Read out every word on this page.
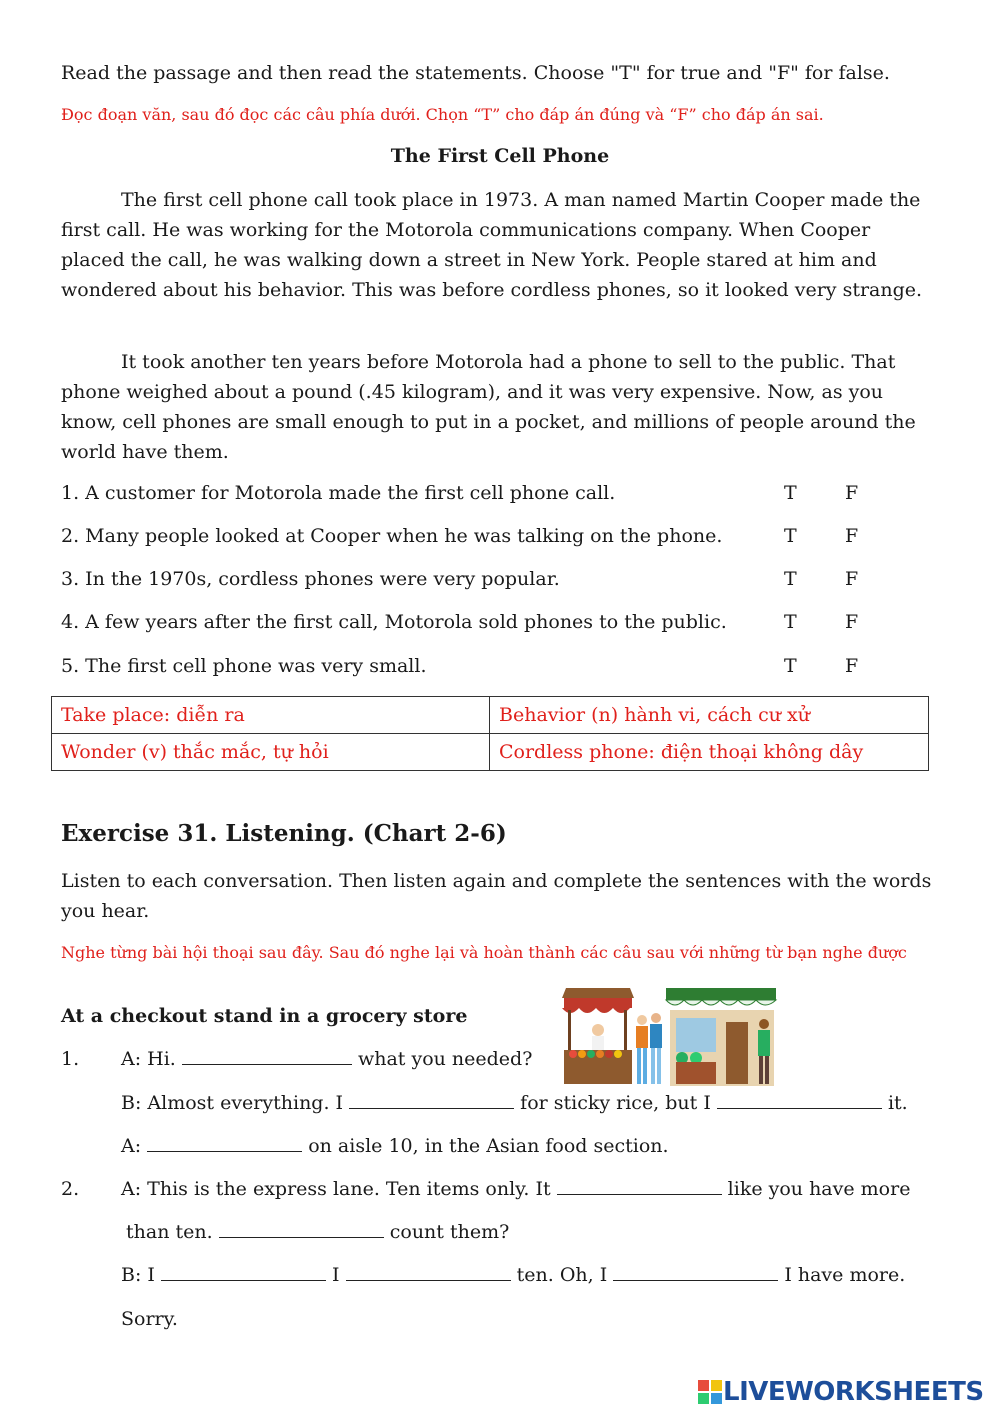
Read the passage and then read the statements. Choose "T" for true and "F" for false.
Đọc đoạn văn, sau đó đọc các câu phía dưới. Chọn “T” cho đáp án đúng và “F” cho đáp án sai.
The First Cell Phone
The first cell phone call took place in 1973. A man named Martin Cooper made the first call. He was working for the Motorola communications company. When Cooper placed the call, he was walking down a street in New York. People stared at him and wondered about his behavior. This was before cordless phones, so it looked very strange.
It took another ten years before Motorola had a phone to sell to the public. That phone weighed about a pound (.45 kilogram), and it was very expensive. Now, as you know, cell phones are small enough to put in a pocket, and millions of people around the world have them.
1. A customer for Motorola made the first cell phone call.	T	F
2. Many people looked at Cooper when he was talking on the phone.	T	F
3. In the 1970s, cordless phones were very popular.	T	F
4. A few years after the first call, Motorola sold phones to the public.	T	F
5. The first cell phone was very small.	T	F
Take place: diễn ra	Behavior (n) hành vi, cách cư xử
Wonder (v) thắc mắc, tự hỏi	Cordless phone: điện thoại không dây
Exercise 31. Listening. (Chart 2-6)
Listen to each conversation. Then listen again and complete the sentences with the words you hear.
Nghe từng bài hội thoại sau đây. Sau đó nghe lại và hoàn thành các câu sau với những từ bạn nghe được
At a checkout stand in a grocery store
1. A: Hi.	what you needed?
B: Almost everything. I	for sticky rice, but I	it.
A:	on aisle 10, in the Asian food section.
2. A: This is the express lane. Ten items only. It	like you have more
than ten.	count them?
B: I	I	ten. Oh, I	I have more.
Sorry.
LIVEWORKSHEETS
